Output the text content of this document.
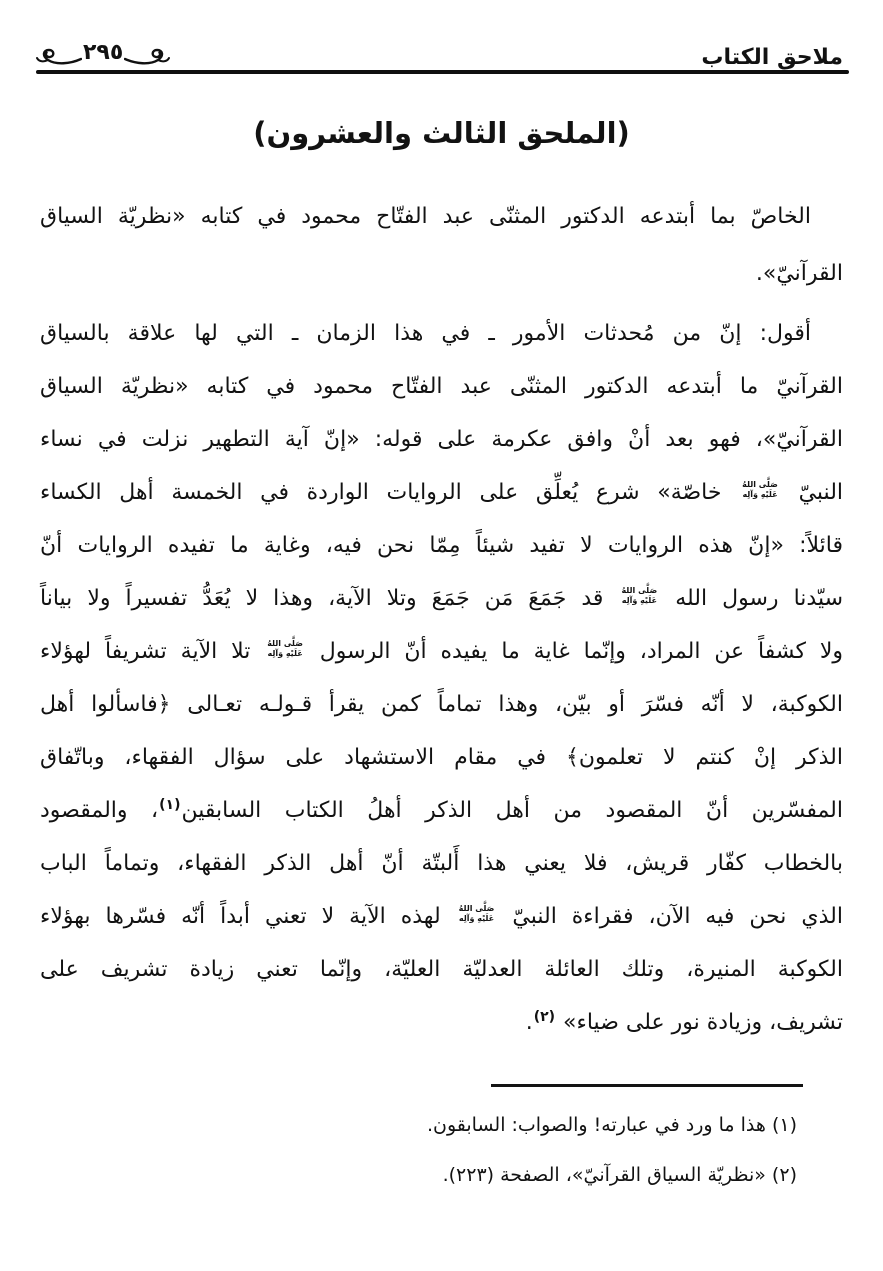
ملاحق الكتاب
٢٩٥
(الملحق الثالث والعشرون)
الخاصّ بما أبتدعه الدكتور المثنّى عبد الفتّاح محمود في كتابه «نظريّة السياق
القرآنيّ».
أقول: إنّ من مُحدثات الأمور ـ في هذا الزمان ـ التي لها علاقة بالسياق
القرآنيّ ما أبتدعه الدكتور المثنّى عبد الفتّاح محمود في كتابه «نظريّة السياق
القرآنيّ»، فهو بعد أنْ وافق عكرمة على قوله: «إنّ آية التطهير نزلت في نساء
النبيّ
صَلَّى اللهُ
عَلَيْهِ وَآلِه
خاصّة» شرع يُعلِّق على الروايات الواردة في الخمسة أهل الكساء
قائلاً: «إنّ هذه الروايات لا تفيد شيئاً مِمّا نحن فيه، وغاية ما تفيده الروايات أنّ
سيّدنا رسول الله
صَلَّى اللهُ
عَلَيْهِ وَآلِه
قد جَمَعَ مَن جَمَعَ وتلا الآية، وهذا لا يُعَدُّ تفسيراً ولا بياناً
ولا كشفاً عن المراد، وإنّما غاية ما يفيده أنّ الرسول
صَلَّى اللهُ
عَلَيْهِ وَآلِه
تلا الآية تشريفاً لهؤلاء
الكوكبة، لا أنّه فسّرَ أو بيّن، وهذا تماماً كمن يقرأ قـولـه تعـالى ﴿فاسألوا أهل
الذكر إنْ كنتم لا تعلمون﴾ في مقام الاستشهاد على سؤال الفقهاء، وباتّفاق
المفسّرين أنّ المقصود من أهل الذكر أهلُ الكتاب السابقين$^{(١)}$، والمقصود
بالخطاب كفّار قريش، فلا يعني هذا أَلبتّة أنّ أهل الذكر الفقهاء، وتماماً الباب
الذي نحن فيه الآن، فقراءة النبيّ
صَلَّى اللهُ
عَلَيْهِ وَآلِه
لهذه الآية لا تعني أبداً أنّه فسّرها بهؤلاء
الكوكبة المنيرة، وتلك العائلة العدليّة العليّة، وإنّما تعني زيادة تشريف على
تشريف، وزيادة نور على ضياء» $^{(٢)}$.
(١) هذا ما ورد في عبارته! والصواب: السابقون.
(٢) «نظريّة السياق القرآنيّ»، الصفحة (٢٢٣).
